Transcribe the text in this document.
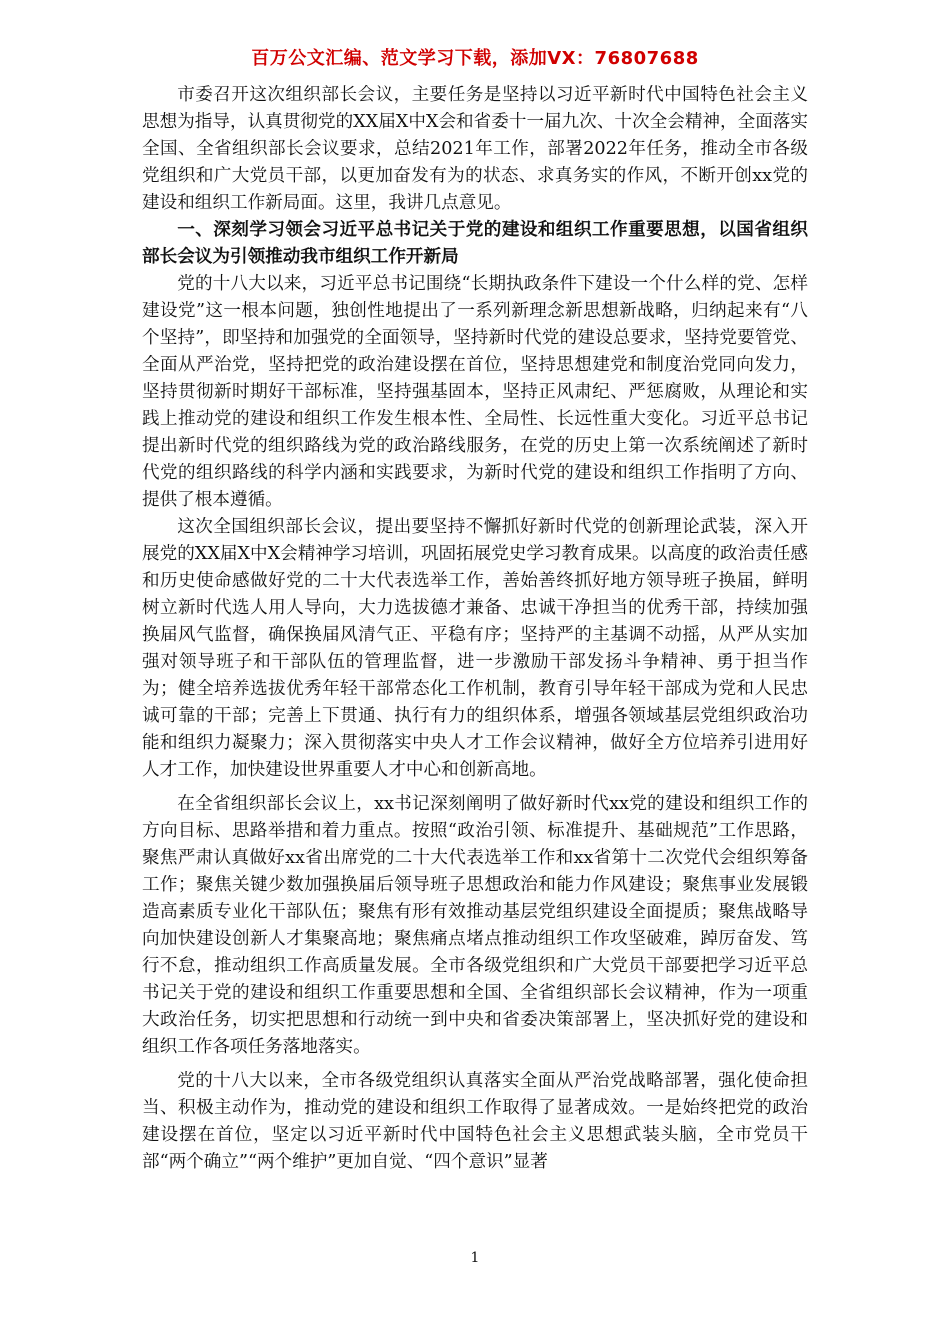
百万公文汇编、范文学习下载，添加VX：76807688

市委召开这次组织部长会议，主要任务是坚持以习近平新时代中国特色社会主义思想为指导，认真贯彻党的XX届X中X会和省委十一届九次、十次全会精神，全面落实全国、全省组织部长会议要求，总结2021年工作，部署2022年任务，推动全市各级党组织和广大党员干部，以更加奋发有为的状态、求真务实的作风，不断开创xx党的建设和组织工作新局面。这里，我讲几点意见。

一、深刻学习领会习近平总书记关于党的建设和组织工作重要思想，以国省组织部长会议为引领推动我市组织工作开新局

党的十八大以来，习近平总书记围绕“长期执政条件下建设一个什么样的党、怎样建设党”这一根本问题，独创性地提出了一系列新理念新思想新战略，归纳起来有“八个坚持”，即坚持和加强党的全面领导，坚持新时代党的建设总要求，坚持党要管党、全面从严治党，坚持把党的政治建设摆在首位，坚持思想建党和制度治党同向发力，坚持贯彻新时期好干部标准，坚持强基固本，坚持正风肃纪、严惩腐败，从理论和实践上推动党的建设和组织工作发生根本性、全局性、长远性重大变化。习近平总书记提出新时代党的组织路线为党的政治路线服务，在党的历史上第一次系统阐述了新时代党的组织路线的科学内涵和实践要求，为新时代党的建设和组织工作指明了方向、提供了根本遵循。

这次全国组织部长会议，提出要坚持不懈抓好新时代党的创新理论武装，深入开展党的XX届X中X会精神学习培训，巩固拓展党史学习教育成果。以高度的政治责任感和历史使命感做好党的二十大代表选举工作，善始善终抓好地方领导班子换届，鲜明树立新时代选人用人导向，大力选拔德才兼备、忠诚干净担当的优秀干部，持续加强换届风气监督，确保换届风清气正、平稳有序；坚持严的主基调不动摇，从严从实加强对领导班子和干部队伍的管理监督，进一步激励干部发扬斗争精神、勇于担当作为；健全培养选拔优秀年轻干部常态化工作机制，教育引导年轻干部成为党和人民忠诚可靠的干部；完善上下贯通、执行有力的组织体系，增强各领域基层党组织政治功能和组织力凝聚力；深入贯彻落实中央人才工作会议精神，做好全方位培养引进用好人才工作，加快建设世界重要人才中心和创新高地。

在全省组织部长会议上，xx书记深刻阐明了做好新时代xx党的建设和组织工作的方向目标、思路举措和着力重点。按照“政治引领、标准提升、基础规范”工作思路，聚焦严肃认真做好xx省出席党的二十大代表选举工作和xx省第十二次党代会组织筹备工作；聚焦关键少数加强换届后领导班子思想政治和能力作风建设；聚焦事业发展锻造高素质专业化干部队伍；聚焦有形有效推动基层党组织建设全面提质；聚焦战略导向加快建设创新人才集聚高地；聚焦痛点堵点推动组织工作攻坚破难，踔厉奋发、笃行不怠，推动组织工作高质量发展。全市各级党组织和广大党员干部要把学习近平总书记关于党的建设和组织工作重要思想和全国、全省组织部长会议精神，作为一项重大政治任务，切实把思想和行动统一到中央和省委决策部署上，坚决抓好党的建设和组织工作各项任务落地落实。

党的十八大以来，全市各级党组织认真落实全面从严治党战略部署，强化使命担当、积极主动作为，推动党的建设和组织工作取得了显著成效。一是始终把党的政治建设摆在首位，坚定以习近平新时代中国特色社会主义思想武装头脑，全市党员干部“两个确立”“两个维护”更加自觉、“四个意识”显著

1
